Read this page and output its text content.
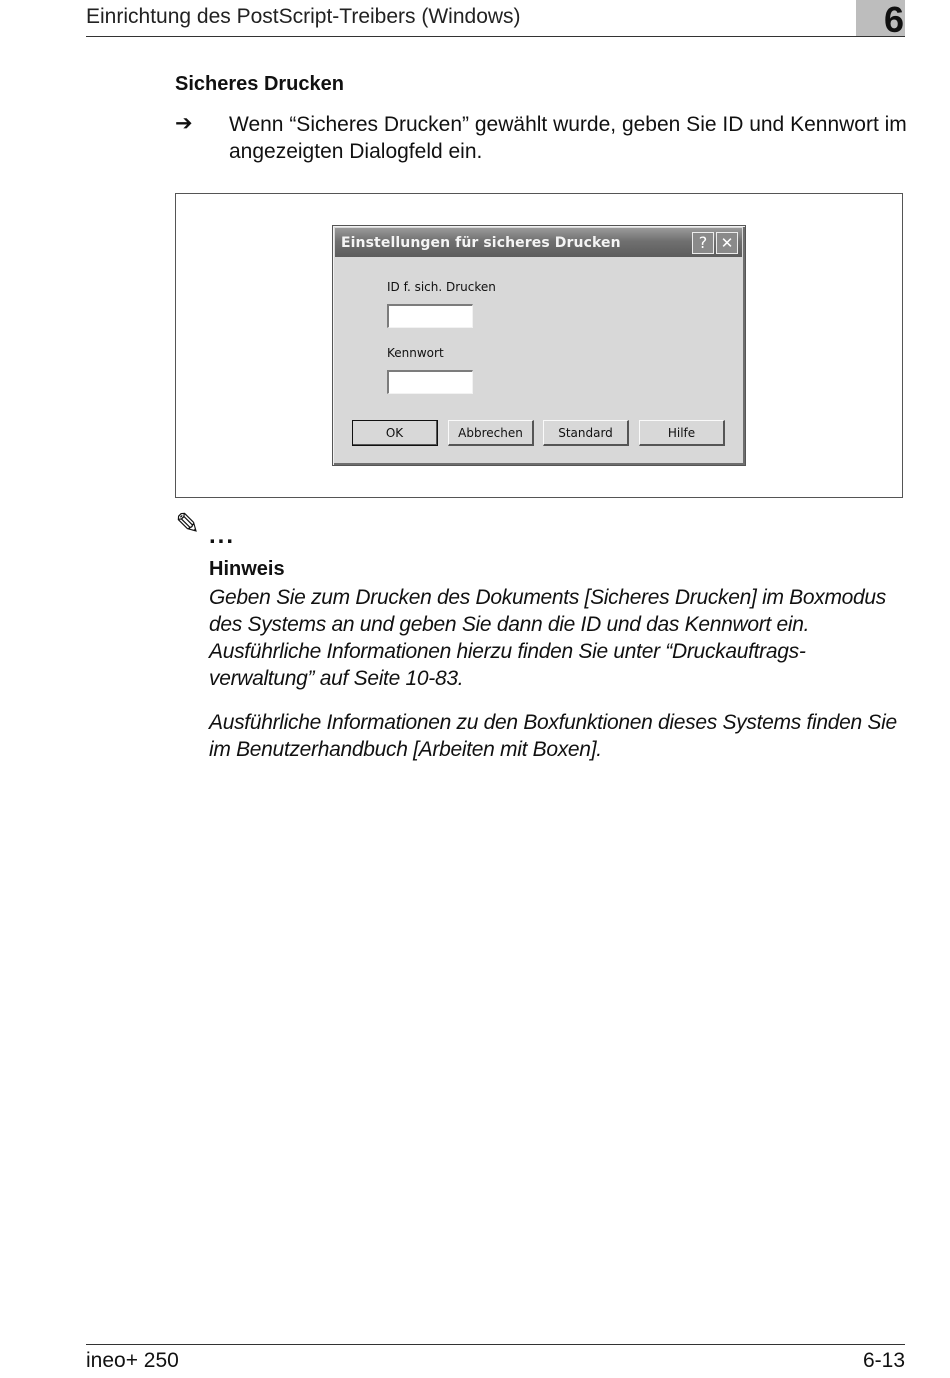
Einrichtung des PostScript-Treibers (Windows)	6
Sicheres Drucken
➔ Wenn “Sicheres Drucken” gewählt wurde, geben Sie ID und Kennwort im angezeigten Dialogfeld ein.
Einstellungen für sicheres Drucken	? ✕
ID f. sich. Drucken
Kennwort
OK	Abbrechen	Standard	Hilfe
✎ ...
Hinweis
Geben Sie zum Drucken des Dokuments [Sicheres Drucken] im Boxmodus des Systems an und geben Sie dann die ID und das Kennwort ein. Ausführliche Informationen hierzu finden Sie unter “Druckauftrags-verwaltung” auf Seite 10-83.
Ausführliche Informationen zu den Boxfunktionen dieses Systems finden Sie im Benutzerhandbuch [Arbeiten mit Boxen].
ineo+ 250	6-13
